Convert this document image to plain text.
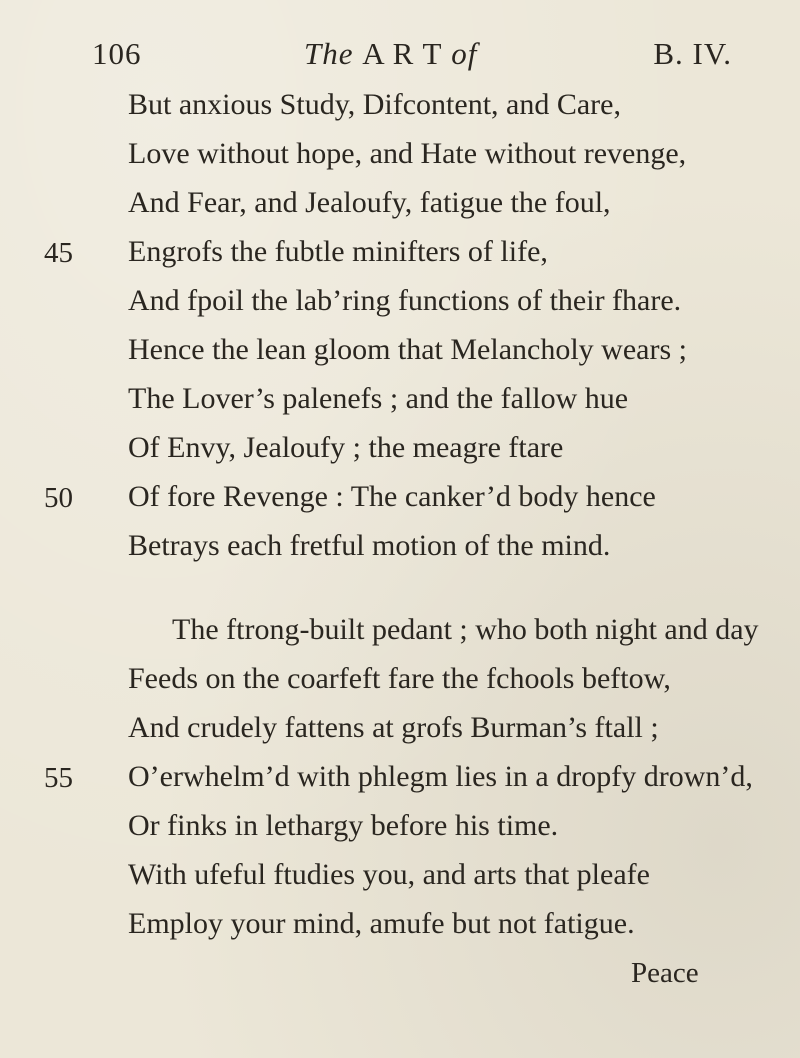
106	The A R T of	B. IV.
But anxious Study, Difcontent, and Care,
Love without hope, and Hate without revenge,
And Fear, and Jealoufy, fatigue the foul,
45 Engrofs the fubtle minifters of life,
And fpoil the lab’ring functions of their fhare.
Hence the lean gloom that Melancholy wears ;
The Lover’s palenefs ; and the fallow hue
Of Envy, Jealoufy ; the meagre ftare
50 Of fore Revenge : The canker’d body hence
Betrays each fretful motion of the mind.
The ftrong-built pedant ; who both night and day
Feeds on the coarfeft fare the fchools beftow,
And crudely fattens at grofs Burman’s ftall ;
55 O’erwhelm’d with phlegm lies in a dropfy drown’d,
Or finks in lethargy before his time.
With ufeful ftudies you, and arts that pleafe
Employ your mind, amufe but not fatigue.
Peace
